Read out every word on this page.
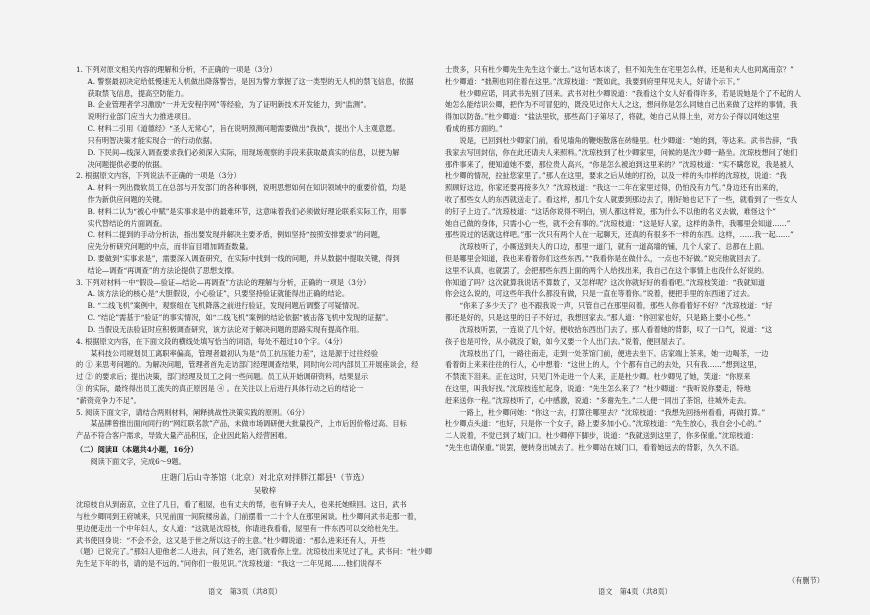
1. 下列对原文相关内容的理解和分析，不正确的一项是（3分）

A. 警察最初决定给低慢速无人机做出降落警告，是因为警方掌握了这一类型的无人机的禁飞信息，依据

获取禁飞信息，提高空防能力。

B. 企业管理者学习激励“一并无安程序网”等经验，为了证明新技术开发能力，到“监测”。

说明行业部门应当大力推进项目。

C. 材料二引用《道德经》“圣人无常心”，旨在说明预测问题需要做出“我执”，提出个人主观意愿。

只有明智决策才能实现合一的行动依据。

D. 下民间—线深入调查要求我们必须深入实际，用现场观察的手段来获取最真实的信息，以便为解

决问题提供必要的依据。

2. 根据原文内容，下列说法不正确的一项是（3分）

A. 材料一列出微软员工在总部与开发部门的各种事例，说明思想如何在知识领域中的重要价值，均是

作为新供应问题的关键。

B. 材料二认为“被心中赋”是实事求是中的最难环节，这意味着我们必须做好理论联系实际工作，用事

实代替结论的片面调查。

C. 材料二提到的手动分析法，指出要发现并解决主要矛盾，例如坚持“按照安排要求”的问题，

应先分析研究问题的中点，而非盲目增加调查数量。

D. 要做到“实事求是”，需要深入调查研究，在实际中找到一线的问题，并从数据中提取关键，得到

结论—调查“再调查”的方法论提供了思想支撑。

3. 下列对材料一中“假设—验证—结论—再调查”方法论的理解与分析，正确的一项是（3分）

A. 该方法论的核心是“大胆假设，小心验证”，只要坚持验证就能得出正确的结论。

B. “二线飞机”案例中，观察组在飞机降落之前进行验证，发现问题后调整了可疑情况。

C. “结论”需基于“验证”的事实情况，如“二线飞机”案例的结论依据“被击落飞机中发现的证据”。

D. 当假设无法验证时应积极调查研究，该方法论对于解决问题的思路实现有提高作用。

4. 根据原文内容，在下面文段的横线处填写恰当的词语，每处不超过10个字。（4分）

某科技公司规划员工离职率偏高，管理者最初认为是“员工抗压能力差”，这是源于过往经验

的 ① 来思考问题的。为解决问题，管理者首先走访部门经理调查结果，同时向公司内部员工开展座谈会，经

过 ② 的要求后；提出决策，部门经理及员工之间一些问题。员工从开始调研资料，结果显示

③ 的实际，最终得出员工流失的真正原因是 ④ 。在关注以上后进行具体行动之后的结论一

“薪资竞争力不足”。

5. 阅读下面文字，请结合两则材料，阐释挑战性决策实践的原则。（6分）

某品牌曾推出面向同行的“网红联名款”产品，未做市场调研便大批量投产，上市后因价格过高、目标

产品不符合客户需求，导致大量产品积压，企业因此陷入经营困难。

（二）阅读Ⅱ（本题共4小题，16分）

阅读下面文字，完成6～9题。

庄谐门后山寺茶馆（北京）对北京对拌胖江都县¹（节选）

吴敬梓

沈琼枝自从到南京，立住了几日，看了租屋，也有丈夫的帮，也有婶子夫人，也来托她赎回。这日，武书

与杜少卿同到王府城来，只见前面一间院楼房盖，门前摆着一二十个人在那里闲谈。杜少卿问武书走那一着，

里边便走出一个中年妇人，女人道：“这就是沈琼枝，你请进我看看，屋里有一件东西可以交给杜先生。

武书使回身说：“不会不会，这又是于世之所以这子的主意。”杜少卿说道：“那么进来还有人，开些

（题）已说完了。”那妇人迎他老二人进去，问了姓名，进门就看你上堂。沈琼枝出来见过了礼，武书问：“杜少卿

先生足下年的书，请的是不远的。”问你们一般见识。”沈琼枝道：“我这一二年见闻……他们说得不

士贵多，只有杜少卿先生先生这个豪士。”这句话本谈了，但不知先生在宅里怎么样，还是和夫人也同寓南京？”

杜少卿道：“拙荆也同住着在这里。”沈琼枝道：“既如此，我要到府里拜见夫人，好请个示下。”

杜少卿应诺，同武书先别了回来。武书对杜少卿说道：“我看这个女人好看得许多，若是说她是个了不起的人

她怎么能结识公卿，把作为不可冒犯的，既没见过你大人之这，想问你是怎么同她自己出来做了这样的事情，我

得加以防备。”杜少卿道：“盐法里钦，那些高门子第尽了，将就，她自己从得上坐，对方公子得以同她这里

看成的那方面的。”

说是，已回到杜少卿家门前，看见墙角的鞭炮散落在砖缝里。杜少卿道：“她的到，等达来。武书告辞，“我

我家去写回封信，你在此还请夫人来照料。”沈琼枝到了杜少卿家里，问候的是沈少卿一路坐。沈琼枝想问了她们

那件事来了，便知道她不要，那位贵人高兴，“你是怎么被迫到这里来的？”沈琼枝道：“实不瞒您说，我是被人

杜少卿的情况，拉扯您家里了。”那人在这里，要求之后从她的打扮，以及一样的头巾样的沈琼枝，说道：“我

照顾好这边，你家还要再接多久？”沈琼枝道：“我这一二年在家里过得，仍怕没有力气。”身边还有出来的，

收了那些女人的东西就送走了。看这样，那几个女人就要到那边去了，刚好她也记下了一些，就看到了一些女人

的钉子上边了。”沈琼枝道：“这话你说得不明白，别人都这样说，那为什么不以他的名义去做，难怪这个”

她自己做的身体，只需小心一些，就不会有事的。”沈琼枝道：“这是好人家，这样的条件，我哪里会知道……”

那些说过的话就这样吧。”那一次只有两个人在一起聊天，还真的有很多不一样的东西。这样，……我一起……”

沈琼枝听了，小厮送到夫人的口边，那里一道门，就有一道高墙的铺，几个人家了、总都在上面。

但是哪里会知道，我也来看着你们这些东西。”“我看你是在做什么，一点也不好做。”说完他就回去了。

这里不认真，也就罢了，会把那些东西上面的两个人给找出来，我自己在这个事情上也没什么好说的。

你知道了吗？这次就算我说话不算数了，又怎样呢？这次你就好好的看看吧。”沈琼枝笑道：“我就知道

你会这么说的，可这些年我什么都没有做，只是一直在等着你。”说着，便把手里的东西递了过去。

“你来了多少天了？也不跟我说一声，只管自己在那里闷着，那些人你看着好不好？”沈琼枝道：“好

都还是好的，只是这里的日子不好过，我想回家去。”那人道：“你回家也好，只是路上要小心些。”

沈琼枝听罢，一连说了几个好，便收拾东西出门去了。那人看着她的背影，叹了一口气，说道：“这

孩子也是可怜，从小就没了娘，如今又要一个人出门去。”说着，便回屋去了。

沈琼枝出了门，一路往南走，走到一处茶馆门前，便进去坐下。店家端上茶来，她一边喝茶，一边

看着街上来来往往的行人，心中想着：“这世上的人，个个都有自己的去处，只有我……”想到这里，

不禁流下泪来。正在这时，只见门外走进一个人来，正是杜少卿。杜少卿见了她，笑道：“你原来

在这里，叫我好找。”沈琼枝连忙起身，说道：“先生怎么来了？”杜少卿道：“我听说你要走，特地

赶来送你一程。”沈琼枝听了，心中感激，说道：“多谢先生。”二人便一同出了茶馆，往城外走去。

一路上，杜少卿问她：“你这一去，打算往哪里去？”沈琼枝道：“我想先回扬州看看，再做打算。”

杜少卿点头道：“也好，只是你一个女子，路上要多加小心。”沈琼枝道：“先生放心，我自会小心的。”

二人说着，不觉已到了城门口。杜少卿停下脚步，说道：“我就送到这里了，你多保重。”沈琼枝道：

“先生也请保重。”说罢，便转身出城去了。杜少卿站在城门口，看着她远去的背影，久久不语。

语文　第3页（共8页）	语文　第4页（共8页）
（有删节）
